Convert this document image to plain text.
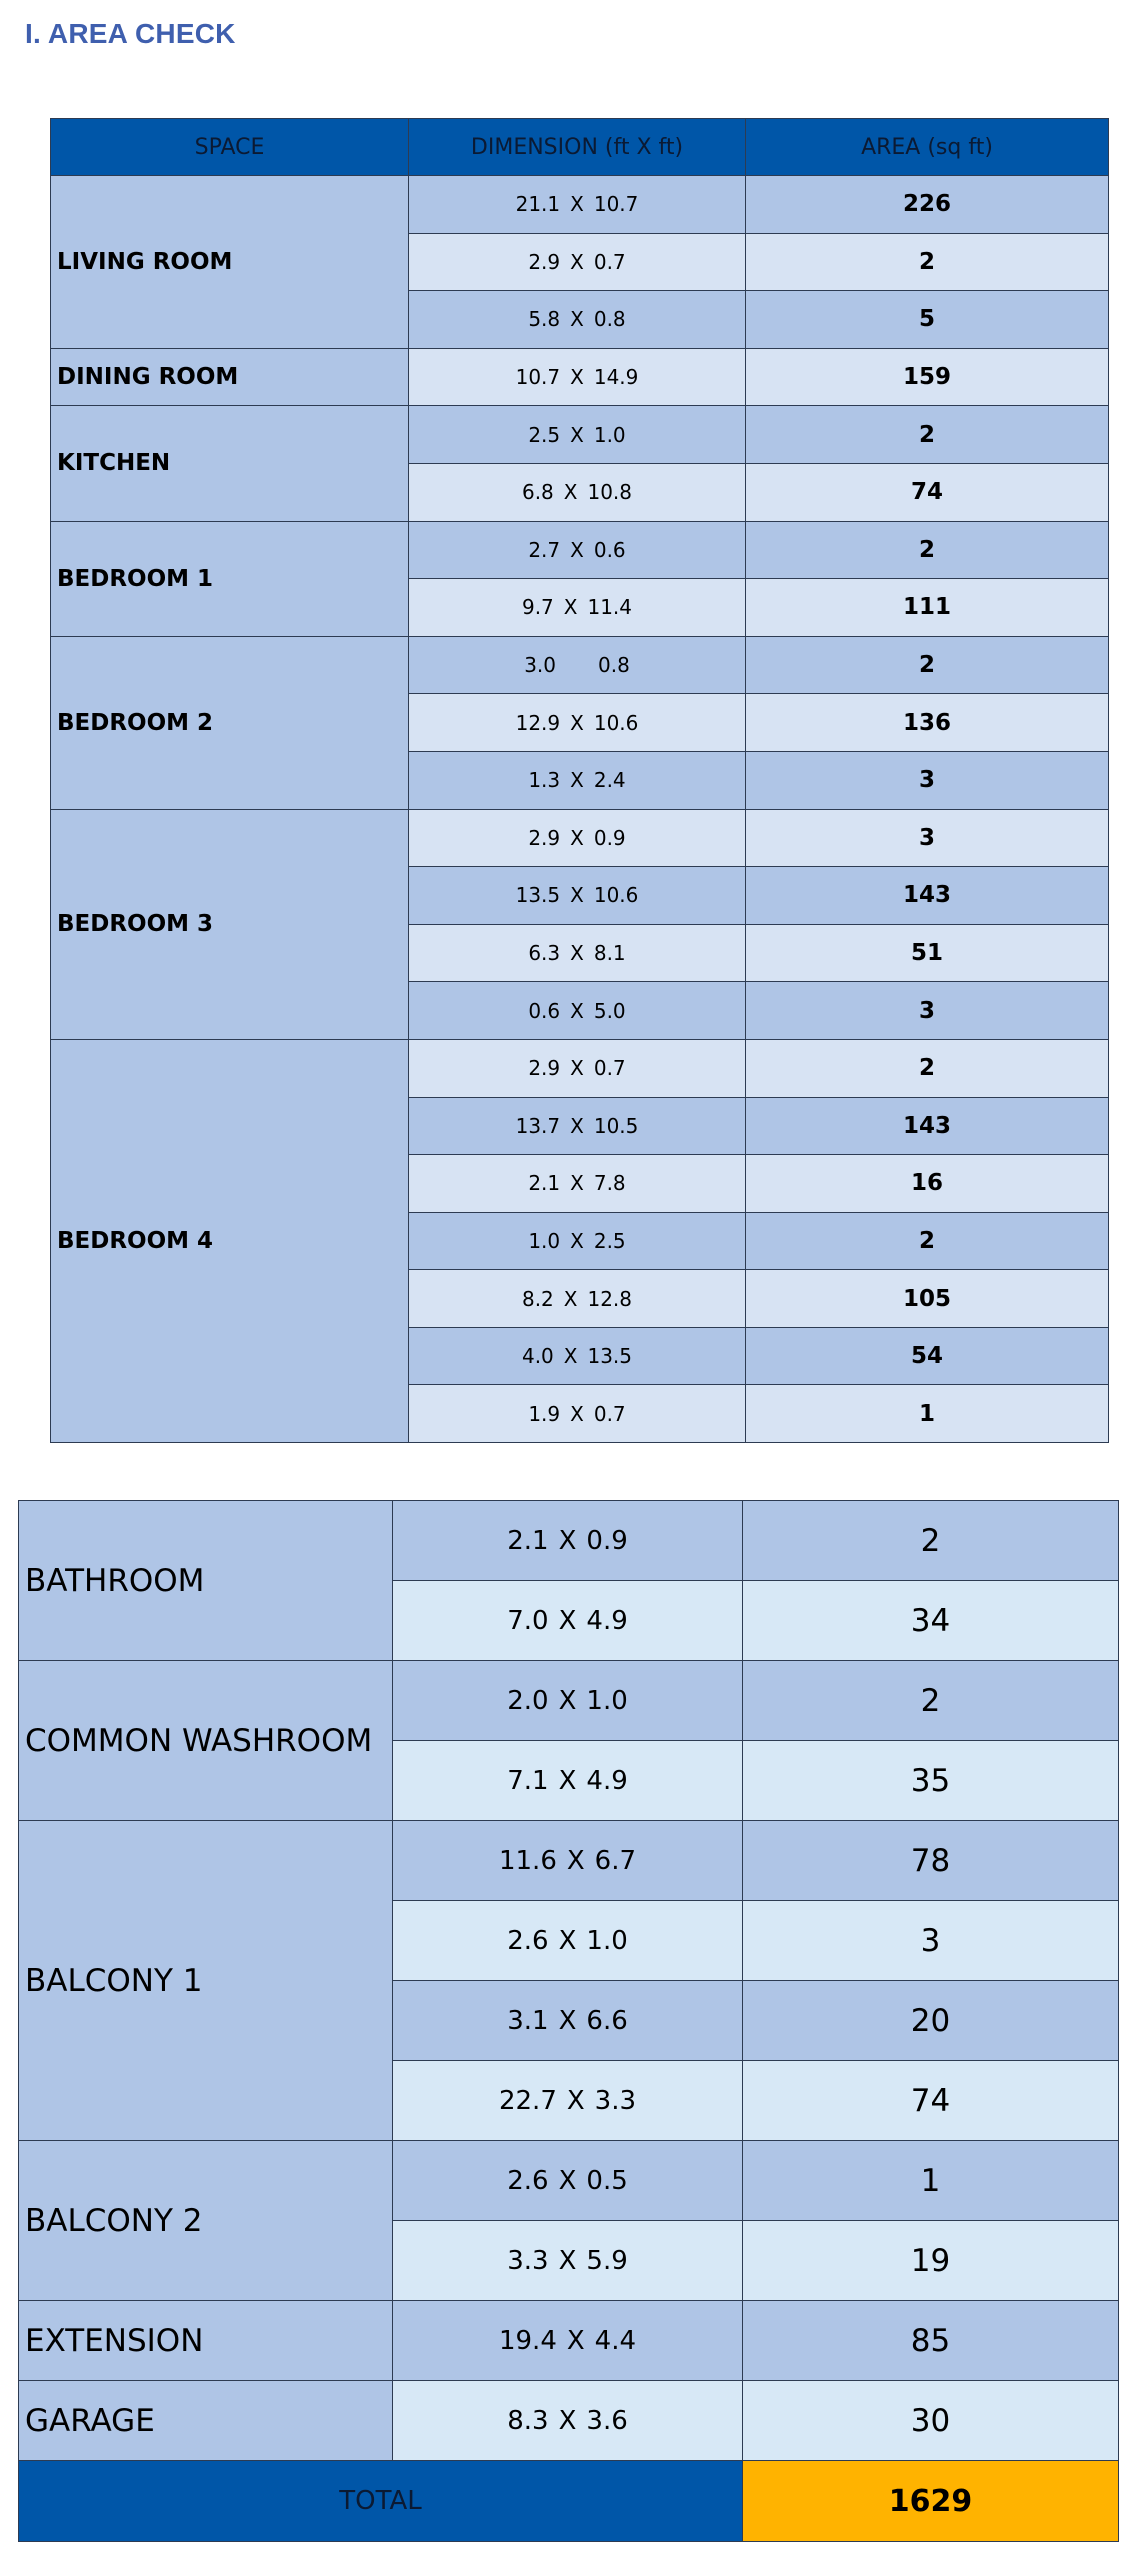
I. AREA CHECK
SPACE	DIMENSION (ft X ft)	AREA (sq ft)
LIVING ROOM	21.1 X 10.7	226
	2.9 X 0.7	2
	5.8 X 0.8	5
DINING ROOM	10.7 X 14.9	159
KITCHEN	2.5 X 1.0	2
	6.8 X 10.8	74
BEDROOM 1	2.7 X 0.6	2
	9.7 X 11.4	111
BEDROOM 2	3.0 0.8	2
	12.9 X 10.6	136
	1.3 X 2.4	3
BEDROOM 3	2.9 X 0.9	3
	13.5 X 10.6	143
	6.3 X 8.1	51
	0.6 X 5.0	3
BEDROOM 4	2.9 X 0.7	2
	13.7 X 10.5	143
	2.1 X 7.8	16
	1.0 X 2.5	2
	8.2 X 12.8	105
	4.0 X 13.5	54
	1.9 X 0.7	1
BATHROOM	2.1 X 0.9	2
	7.0 X 4.9	34
COMMON WASHROOM	2.0 X 1.0	2
	7.1 X 4.9	35
BALCONY 1	11.6 X 6.7	78
	2.6 X 1.0	3
	3.1 X 6.6	20
	22.7 X 3.3	74
BALCONY 2	2.6 X 0.5	1
	3.3 X 5.9	19
EXTENSION	19.4 X 4.4	85
GARAGE	8.3 X 3.6	30
TOTAL		1629
